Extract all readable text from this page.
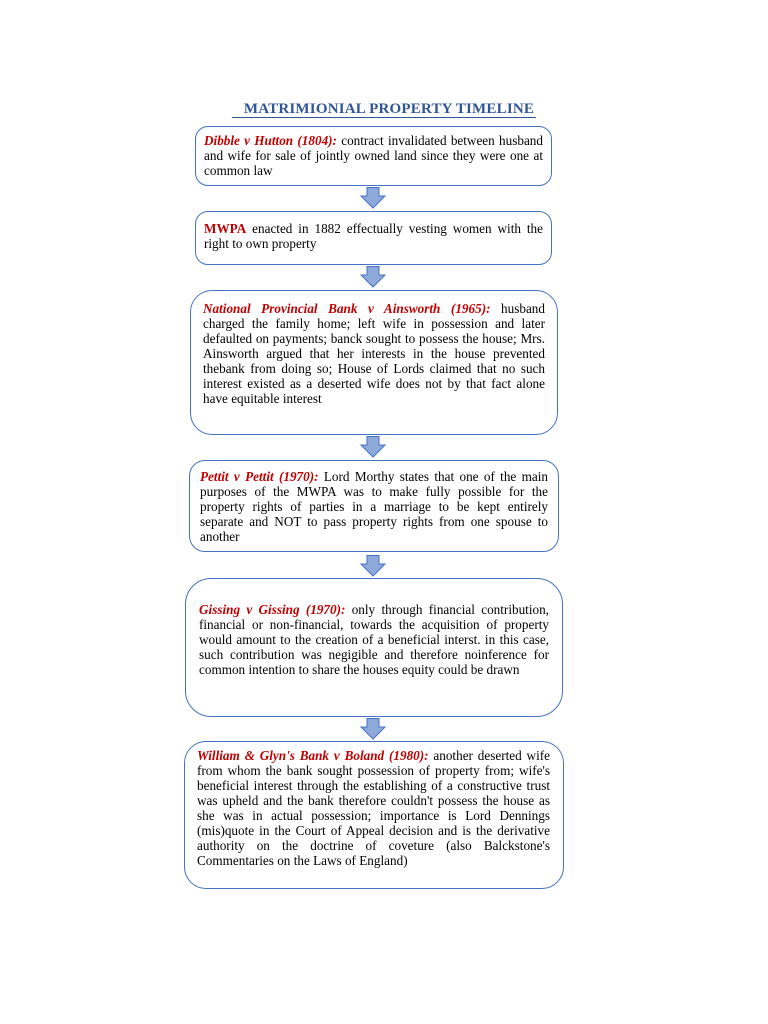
MATRIMIONIAL PROPERTY TIMELINE

Dibble v Hutton (1804): contract invalidated between husband and wife for sale of jointly owned land since they were one at common law

MWPA enacted in 1882 effectually vesting women with the right to own property

National Provincial Bank v Ainsworth (1965): husband charged the family home; left wife in possession and later defaulted on payments; banck sought to possess the house; Mrs. Ainsworth argued that her interests in the house prevented thebank from doing so; House of Lords claimed that no such interest existed as a deserted wife does not by that fact alone have equitable interest

Pettit v Pettit (1970): Lord Morthy states that one of the main purposes of the MWPA was to make fully possible for the property rights of parties in a marriage to be kept entirely separate and NOT to pass property rights from one spouse to another

Gissing v Gissing (1970): only through financial contribution, financial or non-financial, towards the acquisition of property would amount to the creation of a beneficial interst. in this case, such contribution was negigible and therefore noinference for common intention to share the houses equity could be drawn

William & Glyn's Bank v Boland (1980): another deserted wife from whom the bank sought possession of property from; wife's beneficial interest through the establishing of a constructive trust was upheld and the bank therefore couldn't possess the house as she was in actual possession; importance is Lord Dennings (mis)quote in the Court of Appeal decision and is the derivative authority on the doctrine of coveture (also Balckstone's Commentaries on the Laws of England)
